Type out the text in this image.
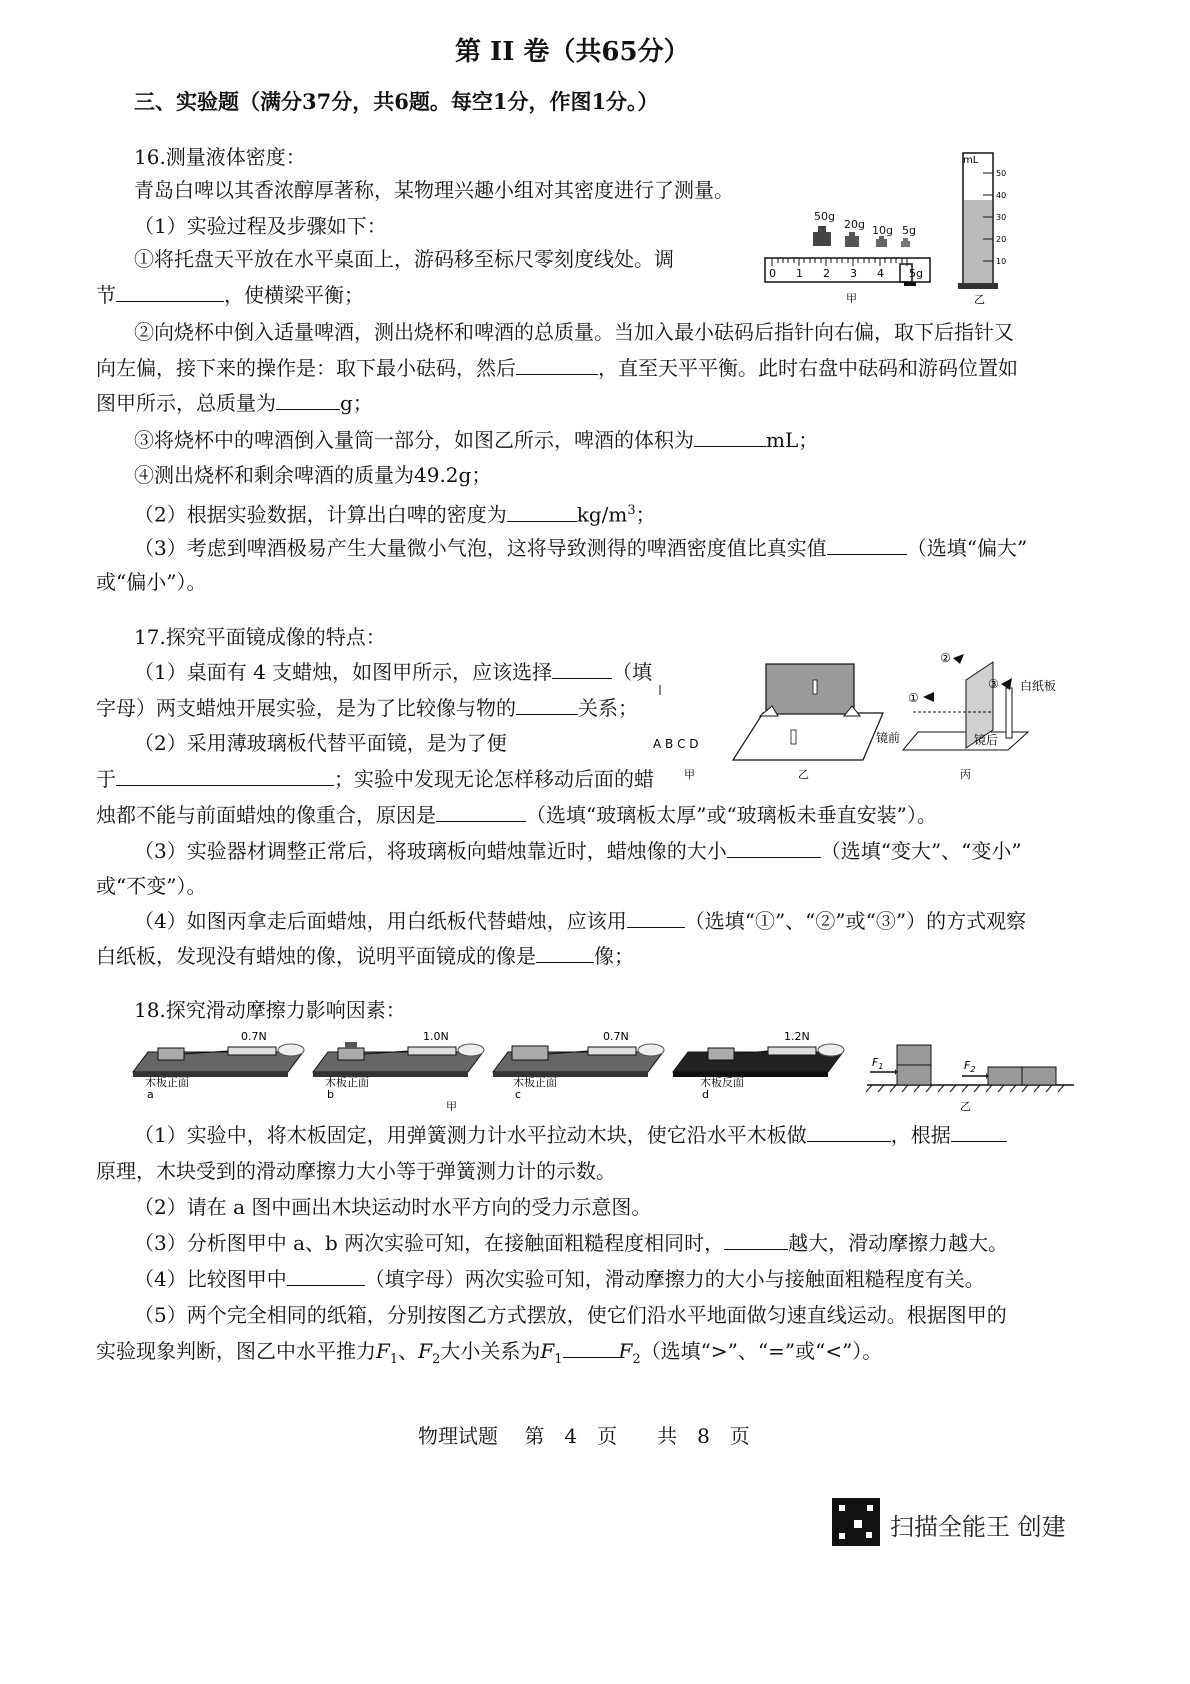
第 II 卷（共65分）
三、实验题（满分37分，共6题。每空1分，作图1分。）
16.测量液体密度：
青岛白啤以其香浓醇厚著称，某物理兴趣小组对其密度进行了测量。
（1）实验过程及步骤如下：
①将托盘天平放在水平桌面上，游码移至标尺零刻度线处。调
节	，使横梁平衡；
②向烧杯中倒入适量啤酒，测出烧杯和啤酒的总质量。当加入最小砝码后指针向右偏，取下后指针又
向左偏，接下来的操作是：取下最小砝码，然后	，直至天平平衡。此时右盘中砝码和游码位置如
图甲所示，总质量为	g；
③将烧杯中的啤酒倒入量筒一部分，如图乙所示，啤酒的体积为	mL；
④测出烧杯和剩余啤酒的质量为49.2g；
（2）根据实验数据，计算出白啤的密度为	$kg/m^3$；
（3）考虑到啤酒极易产生大量微小气泡，这将导致测得的啤酒密度值比真实值	（选填“偏大”
或“偏小”）。
50g
20g 10g 5g
0 1 2 3 4 5g
甲
mL
50
40
30
20
10
乙
17.探究平面镜成像的特点：
（1）桌面有 4 支蜡烛，如图甲所示，应该选择	（填
字母）两支蜡烛开展实验，是为了比较像与物的	关系；
（2）采用薄玻璃板代替平面镜，是为了便
于	；实验中发现无论怎样移动后面的蜡
烛都不能与前面蜡烛的像重合，原因是	（选填“玻璃板太厚”或“玻璃板未垂直安装”）。
（3）实验器材调整正常后，将玻璃板向蜡烛靠近时，蜡烛像的大小	（选填“变大”、“变小”
或“不变”）。
（4）如图丙拿走后面蜡烛，用白纸板代替蜡烛，应该用	（选填“①”、“②”或“③”）的方式观察
白纸板，发现没有蜡烛的像，说明平面镜成的像是	像；
A B C D
甲	乙
①
②
③ 白纸板
镜前	镜后
丙
18.探究滑动摩擦力影响因素：
0.7N
木板正面
a
1.0N
木板正面
b
0.7N
木板正面
c
1.2N
木板反面
d
甲
$F_1$	$F_2$
乙
（1）实验中，将木板固定，用弹簧测力计水平拉动木块，使它沿水平木板做	，根据
原理，木块受到的滑动摩擦力大小等于弹簧测力计的示数。
（2）请在 a 图中画出木块运动时水平方向的受力示意图。
（3）分析图甲中 a、b 两次实验可知，在接触面粗糙程度相同时，	越大，滑动摩擦力越大。
（4）比较图甲中	（填字母）两次实验可知，滑动摩擦力的大小与接触面粗糙程度有关。
（5）两个完全相同的纸箱，分别按图乙方式摆放，使它们沿水平地面做匀速直线运动。根据图甲的
实验现象判断，图乙中水平推力$F_1$、$F_2$大小关系为$F_1$	$F_2$（选填“>”、“=”或“<”）。
物理试题　 第　4　页　　共　8　页
扫描全能王 创建
